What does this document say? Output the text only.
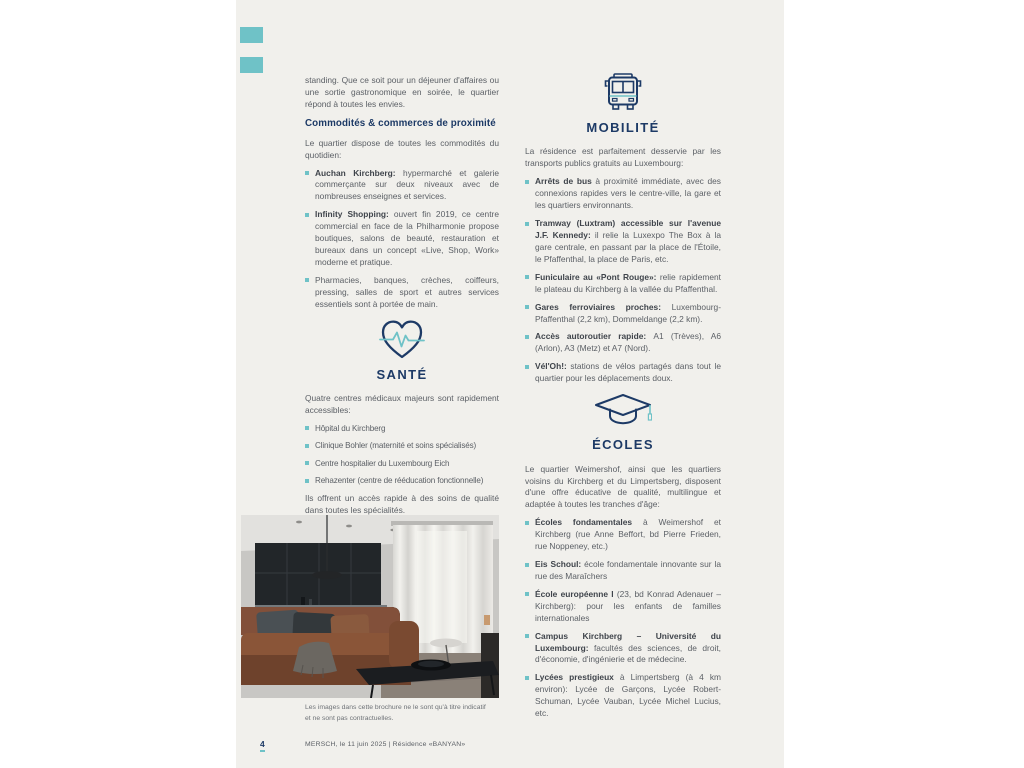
standing. Que ce soit pour un déjeuner d'affaires ou une sortie gastronomique en soirée, le quartier répond à toutes les envies.

Commodités & commerces de proximité

Le quartier dispose de toutes les commodités du quotidien:

Auchan Kirchberg: hypermarché et galerie commerçante sur deux niveaux avec de nombreuses enseignes et services.
Infinity Shopping: ouvert fin 2019, ce centre commercial en face de la Philharmonie propose boutiques, salons de beauté, restauration et bureaux dans un concept «Live, Shop, Work» moderne et pratique.
Pharmacies, banques, crèches, coiffeurs, pressing, salles de sport et autres services essentiels sont à portée de main.
SANTÉ

Quatre centres médicaux majeurs sont rapidement accessibles:

Hôpital du Kirchberg
Clinique Bohler (maternité et soins spécialisés)
Centre hospitalier du Luxembourg Eich
Rehazenter (centre de rééducation fonctionnelle)

Ils offrent un accès rapide à des soins de qualité dans toutes les spécialités.

Les images dans cette brochure ne le sont qu'à titre indicatif et ne sont pas contractuelles.
MOBILITÉ

La résidence est parfaitement desservie par les transports publics gratuits au Luxembourg:

Arrêts de bus à proximité immédiate, avec des connexions rapides vers le centre-ville, la gare et les quartiers environnants.
Tramway (Luxtram) accessible sur l'avenue J.F. Kennedy: il relie la Luxexpo The Box à la gare centrale, en passant par la place de l'Étoile, le Pfaffenthal, la place de Paris, etc.
Funiculaire au «Pont Rouge»: relie rapidement le plateau du Kirchberg à la vallée du Pfaffenthal.
Gares ferroviaires proches: Luxembourg-Pfaffenthal (2,2 km), Dommeldange (2,2 km).
Accès autoroutier rapide: A1 (Trèves), A6 (Arlon), A3 (Metz) et A7 (Nord).
Vél'Oh!: stations de vélos partagés dans tout le quartier pour les déplacements doux.
ÉCOLES

Le quartier Weimershof, ainsi que les quartiers voisins du Kirchberg et du Limpertsberg, disposent d'une offre éducative de qualité, multilingue et adaptée à toutes les tranches d'âge:

Écoles fondamentales à Weimershof et Kirchberg (rue Anne Beffort, bd Pierre Frieden, rue Noppeney, etc.)
Eis Schoul: école fondamentale innovante sur la rue des Maraîchers
École européenne I (23, bd Konrad Adenauer – Kirchberg): pour les enfants de familles internationales
Campus Kirchberg – Université du Luxembourg: facultés des sciences, de droit, d'économie, d'ingénierie et de médecine.
Lycées prestigieux à Limpertsberg (à 4 km environ): Lycée de Garçons, Lycée Robert-Schuman, Lycée Vauban, Lycée Michel Lucius, etc.
4	MERSCH, le 11 juin 2025 | Résidence «BANYAN»
